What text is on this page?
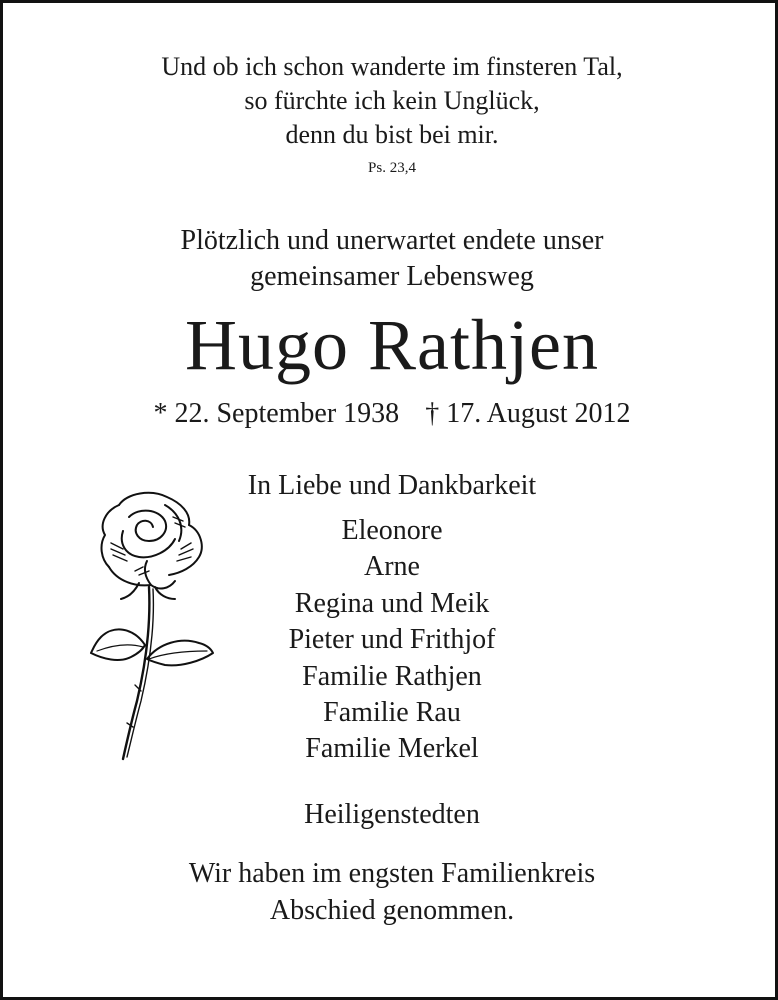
Und ob ich schon wanderte im finsteren Tal,
so fürchte ich kein Unglück,
denn du bist bei mir.
Ps. 23,4
Plötzlich und unerwartet endete unser
gemeinsamer Lebensweg
Hugo Rathjen
* 22. September 1938 † 17. August 2012
In Liebe und Dankbarkeit
Eleonore
Arne
Regina und Meik
Pieter und Frithjof
Familie Rathjen
Familie Rau
Familie Merkel
Heiligenstedten
Wir haben im engsten Familienkreis
Abschied genommen.
